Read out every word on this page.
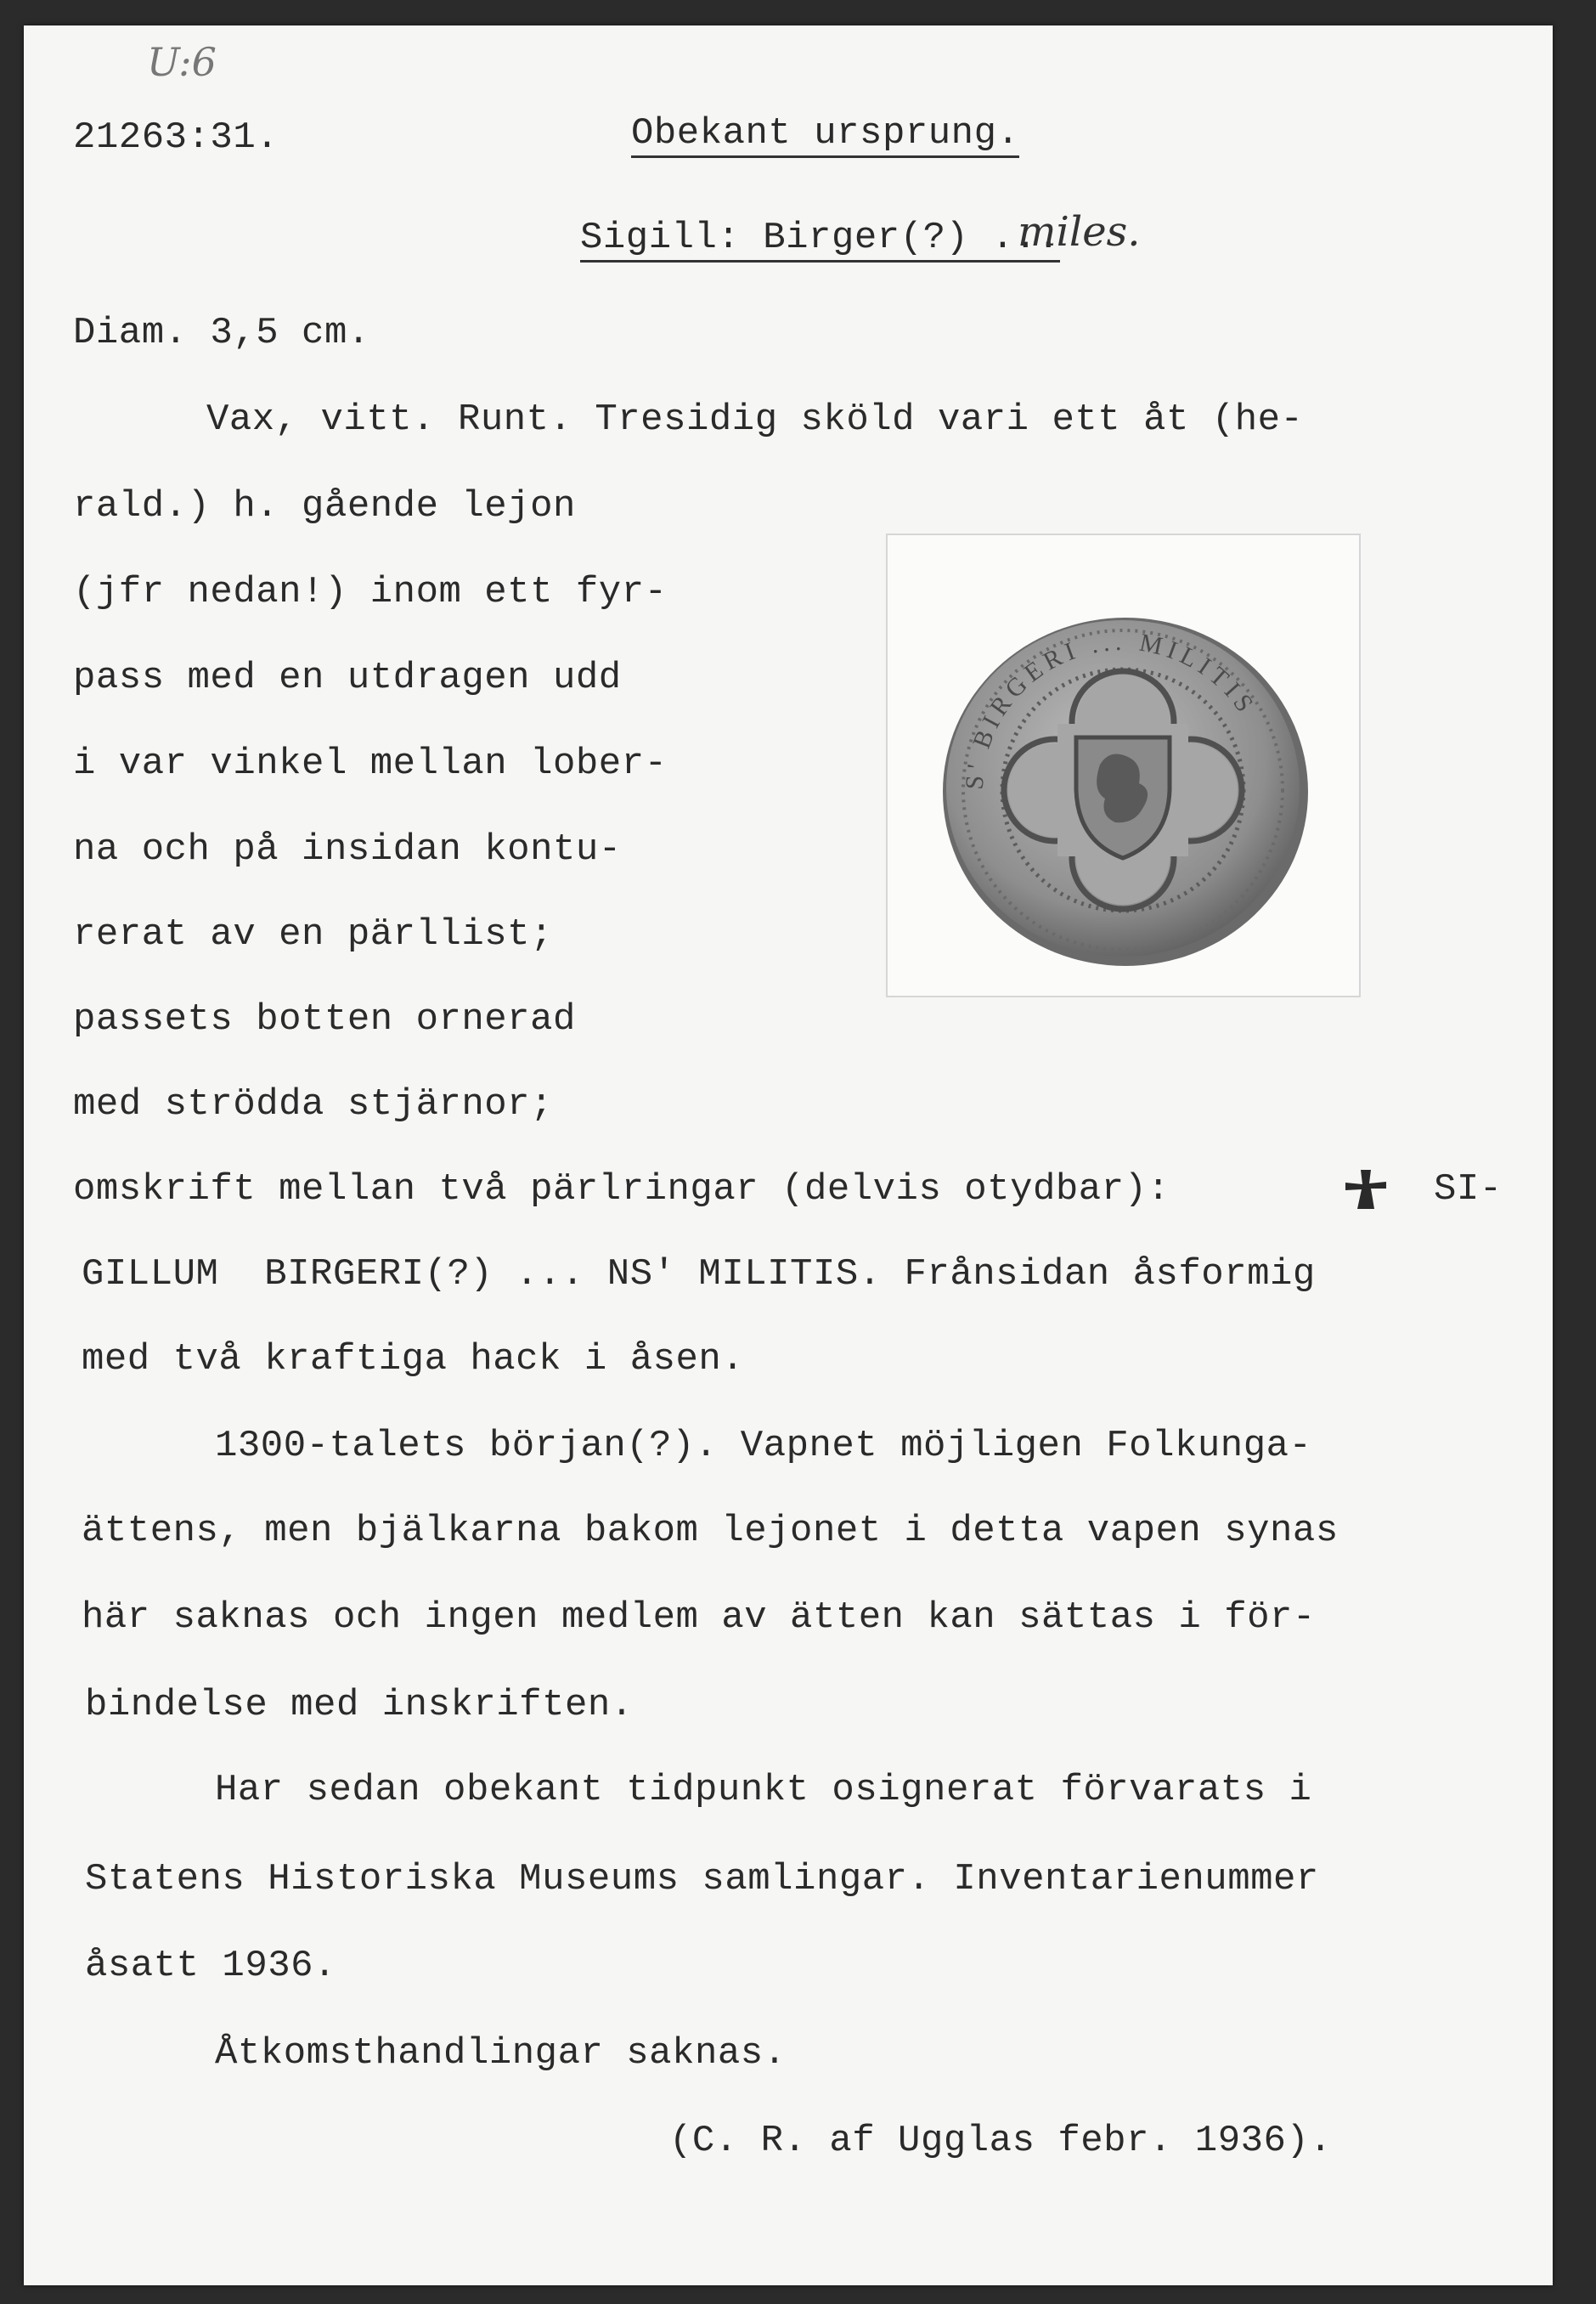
U:6

21263:31.	Obekant ursprung.

Sigill: Birger(?) ...

miles.

Diam. 3,5 cm.

Vax, vitt. Runt. Tresidig sköld vari ett åt (he-

rald.) h. gående lejon

(jfr nedan!) inom ett fyr-

pass med en utdragen udd

i var vinkel mellan lober-

na och på insidan kontu-

rerat av en pärllist;

passets botten ornerad

med strödda stjärnor;

omskrift mellan två pärlringar (delvis otydbar):	SI-

GILLUM  BIRGERI(?) ... NS′ MILITIS. Frånsidan åsformig

med två kraftiga hack i åsen.

1300-talets början(?). Vapnet möjligen Folkunga-

ättens, men bjälkarna bakom lejonet i detta vapen synas

här saknas och ingen medlem av ätten kan sättas i för-

bindelse med inskriften.

Har sedan obekant tidpunkt osignerat förvarats i

Statens Historiska Museums samlingar. Inventarienummer

åsatt 1936.

Åtkomsthandlingar saknas.

(C. R. af Ugglas febr. 1936).

S' BIRGERI ... MILITIS
